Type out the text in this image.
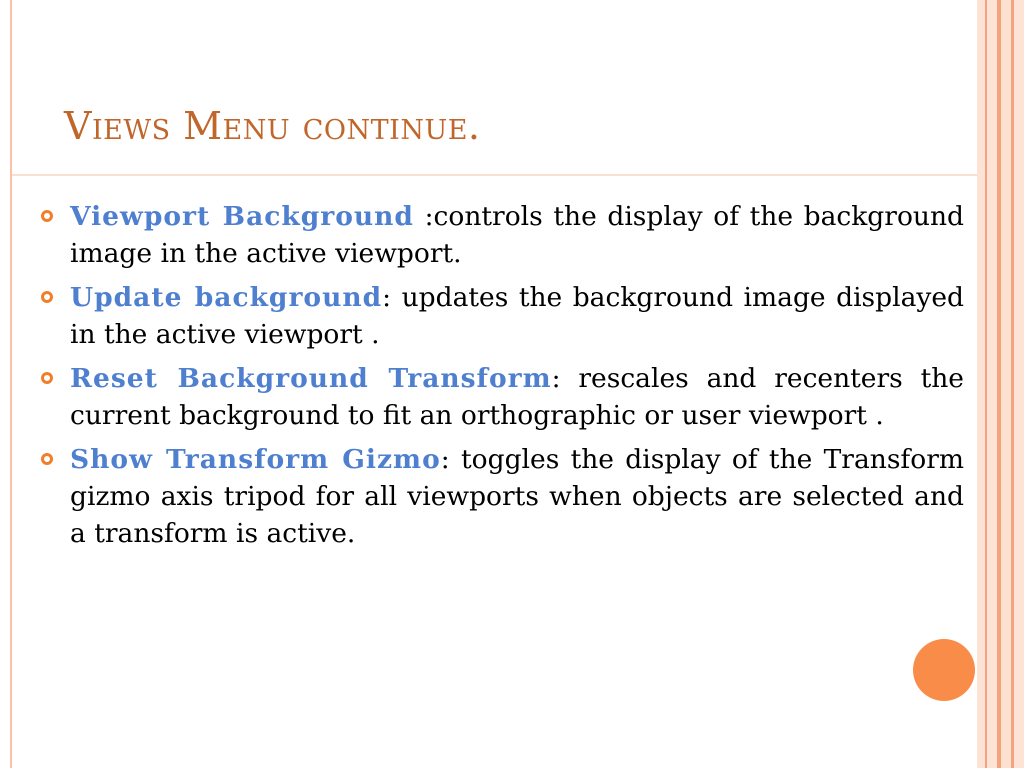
Views Menu continue.
Viewport Background :controls the display of the background image in the active viewport.
Update background: updates the background image displayed in the active viewport .
Reset Background Transform: rescales and recenters the current background to fit an orthographic or user viewport .
Show Transform Gizmo: toggles the display of the Transform gizmo axis tripod for all viewports when objects are selected and a transform is active.
